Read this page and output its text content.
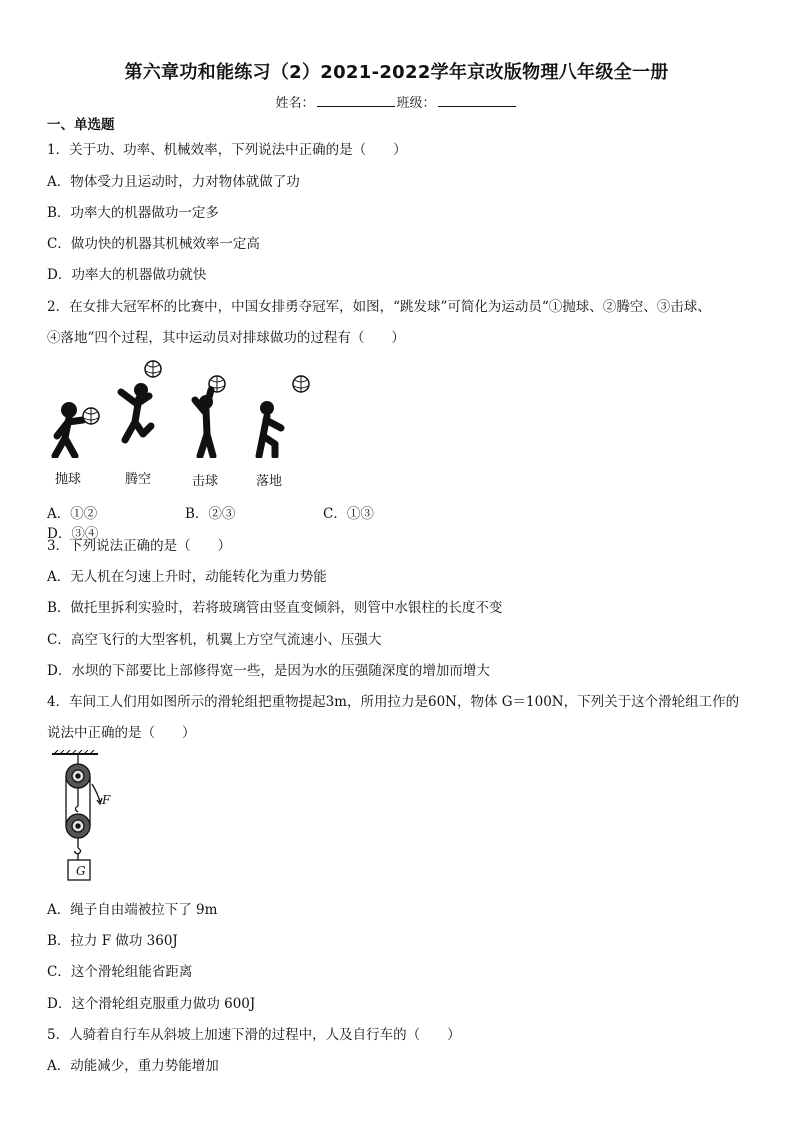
第六章功和能练习（2）2021-2022学年京改版物理八年级全一册
姓名：	班级：
一、单选题
1．关于功、功率、机械效率，下列说法中正确的是（　　）
A．物体受力且运动时，力对物体就做了功
B．功率大的机器做功一定多
C．做功快的机器其机械效率一定高
D．功率大的机器做功就快
2．在女排大冠军杯的比赛中，中国女排勇夺冠军，如图，“跳发球”可简化为运动员“①抛球、②腾空、③击球、
④落地”四个过程，其中运动员对排球做功的过程有（　　）
抛球	腾空	击球	落地
A．①②	B．②③	C．①③D．③④
3．下列说法正确的是（　　）
A．无人机在匀速上升时，动能转化为重力势能
B．做托里拆利实验时，若将玻璃管由竖直变倾斜，则管中水银柱的长度不变
C．高空飞行的大型客机，机翼上方空气流速小、压强大
D．水坝的下部要比上部修得宽一些，是因为水的压强随深度的增加而增大
4．车间工人们用如图所示的滑轮组把重物提起3m，所用拉力是60N，物体 G＝100N，下列关于这个滑轮组工作的
说法中正确的是（　　）
F
G
A．绳子自由端被拉下了 9m
B．拉力 F 做功 360J
C．这个滑轮组能省距离
D．这个滑轮组克服重力做功 600J
5．人骑着自行车从斜坡上加速下滑的过程中，人及自行车的（　　）
A．动能减少，重力势能增加
